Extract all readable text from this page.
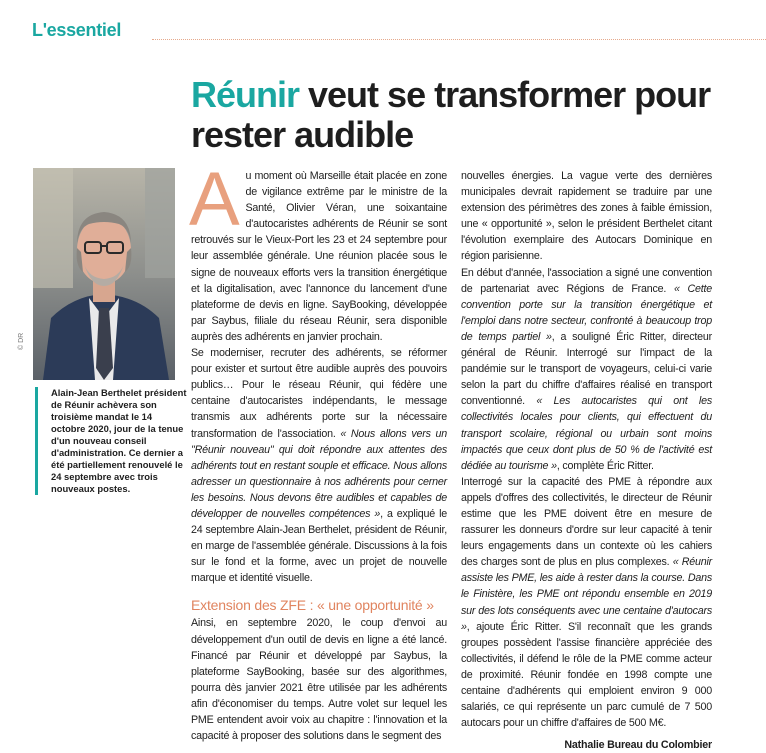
L'essentiel
Réunir veut se transformer pour rester audible
© DR
Alain-Jean Berthelet président de Réunir achèvera son troisième mandat le 14 octobre 2020, jour de la tenue d'un nouveau conseil d'administration. Ce dernier a été partiellement renouvelé le 24 septembre avec trois nouveaux postes.

Au moment où Marseille était placée en zone de vigilance extrême par le ministre de la Santé, Olivier Véran, une soixantaine d'autocaristes adhérents de Réunir se sont retrouvés sur le Vieux-Port les 23 et 24 septembre pour leur assemblée générale. Une réunion placée sous le signe de nouveaux efforts vers la transition énergétique et la digitalisation, avec l'annonce du lancement d'une plateforme de devis en ligne. SayBooking, développée par Saybus, filiale du réseau Réunir, sera disponible auprès des adhérents en janvier prochain.

Se moderniser, recruter des adhérents, se réformer pour exister et surtout être audible auprès des pouvoirs publics… Pour le réseau Réunir, qui fédère une centaine d'autocaristes indépendants, le message transmis aux adhérents porte sur la nécessaire transformation de l'association. « Nous allons vers un "Réunir nouveau" qui doit répondre aux attentes des adhérents tout en restant souple et efficace. Nous allons adresser un questionnaire à nos adhérents pour cerner les besoins. Nous devons être audibles et capables de développer de nouvelles compétences », a expliqué le 24 septembre Alain-Jean Berthelet, président de Réunir, en marge de l'assemblée générale. Discussions à la fois sur le fond et la forme, avec un projet de nouvelle marque et identité visuelle.

Extension des ZFE : « une opportunité »

Ainsi, en septembre 2020, le coup d'envoi au développement d'un outil de devis en ligne a été lancé. Financé par Réunir et développé par Saybus, la plateforme SayBooking, basée sur des algorithmes, pourra dès janvier 2021 être utilisée par les adhérents afin d'économiser du temps. Autre volet sur lequel les PME entendent avoir voix au chapitre : l'innovation et la capacité à proposer des solutions dans le segment des

nouvelles énergies. La vague verte des dernières municipales devrait rapidement se traduire par une extension des périmètres des zones à faible émission, une « opportunité », selon le président Berthelet citant l'évolution exemplaire des Autocars Dominique en région parisienne.

En début d'année, l'association a signé une convention de partenariat avec Régions de France. « Cette convention porte sur la transition énergétique et l'emploi dans notre secteur, confronté à beaucoup trop de temps partiel », a souligné Éric Ritter, directeur général de Réunir. Interrogé sur l'impact de la pandémie sur le transport de voyageurs, celui-ci varie selon la part du chiffre d'affaires réalisé en transport conventionné. « Les autocaristes qui ont les collectivités locales pour clients, qui effectuent du transport scolaire, régional ou urbain sont moins impactés que ceux dont plus de 50 % de l'activité est dédiée au tourisme », complète Éric Ritter.

Interrogé sur la capacité des PME à répondre aux appels d'offres des collectivités, le directeur de Réunir estime que les PME doivent être en mesure de rassurer les donneurs d'ordre sur leur capacité à tenir leurs engagements dans un contexte où les cahiers des charges sont de plus en plus complexes. « Réunir assiste les PME, les aide à rester dans la course. Dans le Finistère, les PME ont répondu ensemble en 2019 sur des lots conséquents avec une centaine d'autocars », ajoute Éric Ritter. S'il reconnaît que les grands groupes possèdent l'assise financière appréciée des collectivités, il défend le rôle de la PME comme acteur de proximité. Réunir fondée en 1998 compte une centaine d'adhérents qui emploient environ 9 000 salariés, ce qui représente un parc cumulé de 7 500 autocars pour un chiffre d'affaires de 500 M€.

Nathalie Bureau du Colombier
